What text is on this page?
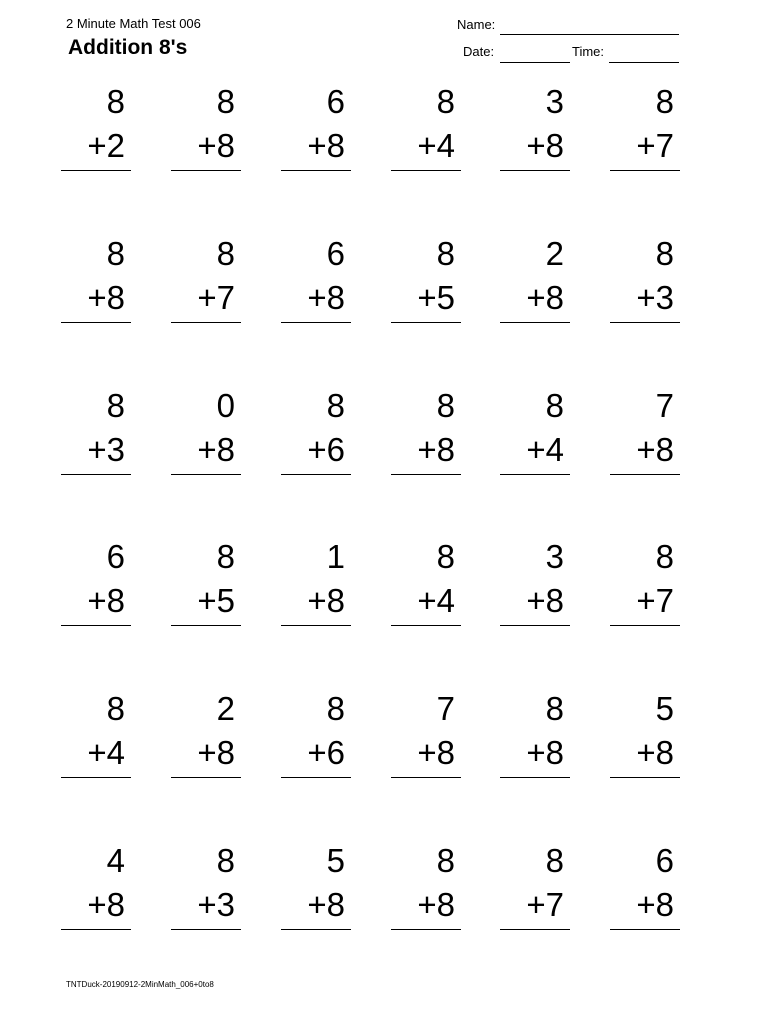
2 Minute Math Test 006
Addition 8's
Name:
Date:	Time:
8
+2
8
+8
6
+8
8
+4
3
+8
8
+7
8
+8
8
+7
6
+8
8
+5
2
+8
8
+3
8
+3
0
+8
8
+6
8
+8
8
+4
7
+8
6
+8
8
+5
1
+8
8
+4
3
+8
8
+7
8
+4
2
+8
8
+6
7
+8
8
+8
5
+8
4
+8
8
+3
5
+8
8
+8
8
+7
6
+8
TNTDuck-20190912-2MinMath_006+0to8
